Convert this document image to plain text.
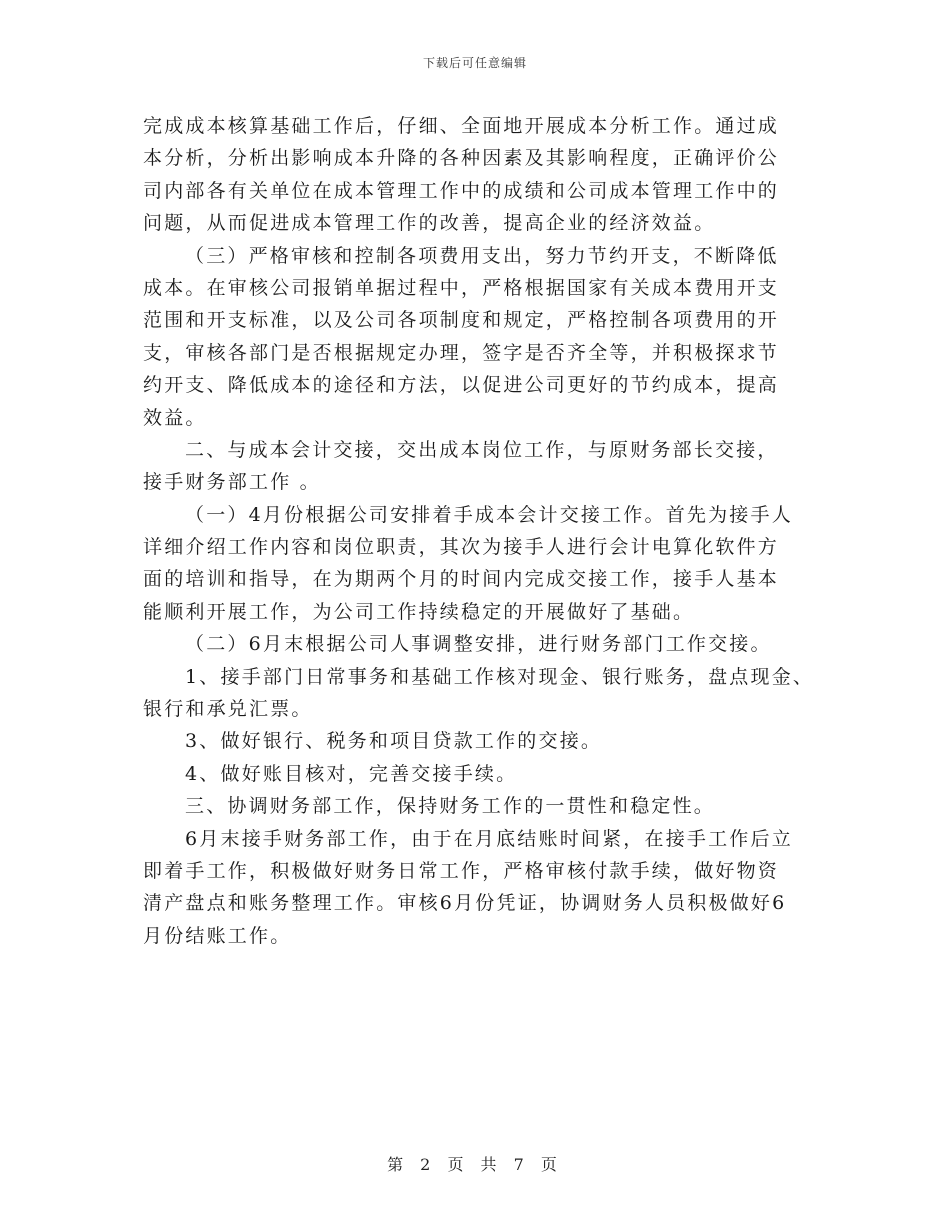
下载后可任意编辑
完成成本核算基础工作后，仔细、全面地开展成本分析工作。通过成
本分析，分析出影响成本升降的各种因素及其影响程度，正确评价公
司内部各有关单位在成本管理工作中的成绩和公司成本管理工作中的
问题，从而促进成本管理工作的改善，提高企业的经济效益。
（三）严格审核和控制各项费用支出，努力节约开支，不断降低
成本。在审核公司报销单据过程中，严格根据国家有关成本费用开支
范围和开支标准，以及公司各项制度和规定，严格控制各项费用的开
支，审核各部门是否根据规定办理，签字是否齐全等，并积极探求节
约开支、降低成本的途径和方法，以促进公司更好的节约成本，提高
效益。
二、与成本会计交接，交出成本岗位工作，与原财务部长交接，
接手财务部工作 。
（一）4月份根据公司安排着手成本会计交接工作。首先为接手人
详细介绍工作内容和岗位职责，其次为接手人进行会计电算化软件方
面的培训和指导，在为期两个月的时间内完成交接工作，接手人基本
能顺利开展工作，为公司工作持续稳定的开展做好了基础。
（二）6月末根据公司人事调整安排，进行财务部门工作交接。
1、接手部门日常事务和基础工作核对现金、银行账务，盘点现金、
银行和承兑汇票。
3、做好银行、税务和项目贷款工作的交接。
4、做好账目核对，完善交接手续。
三、协调财务部工作，保持财务工作的一贯性和稳定性。
6月末接手财务部工作，由于在月底结账时间紧，在接手工作后立
即着手工作，积极做好财务日常工作，严格审核付款手续，做好物资
清产盘点和账务整理工作。审核6月份凭证，协调财务人员积极做好6
月份结账工作。
第 2 页 共 7 页
